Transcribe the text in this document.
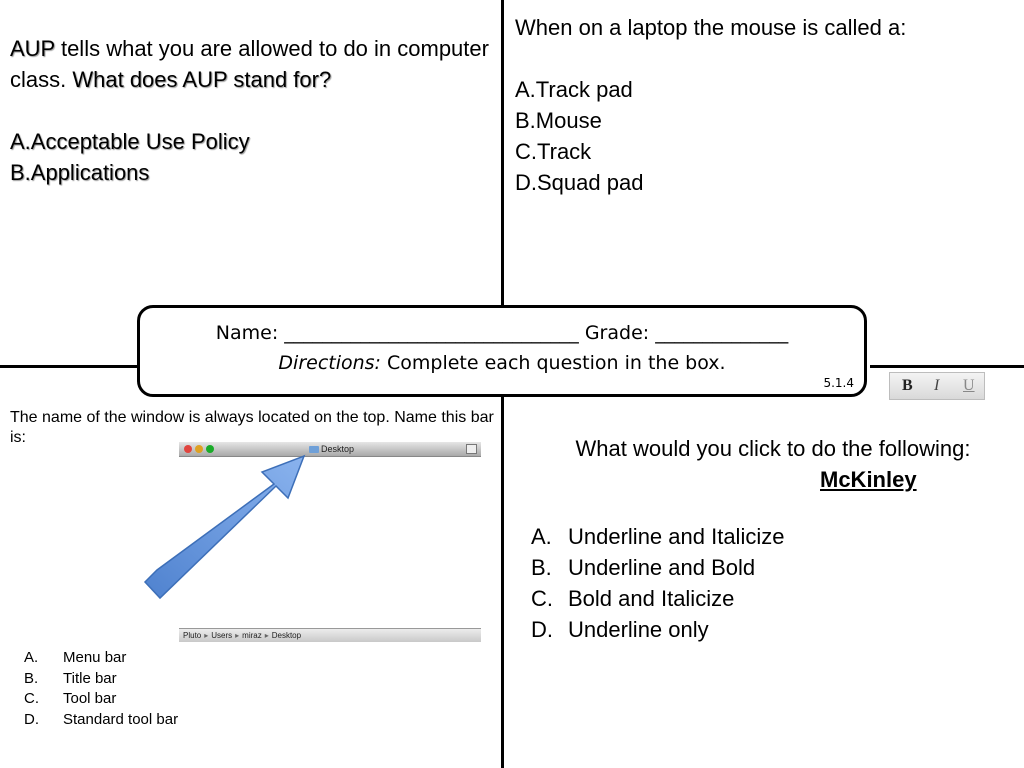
AUP tells what you are allowed to do in computer class. What does AUP stand for?

A.Acceptable Use Policy
B.Applications
When on a laptop the mouse is called a:

A.Track pad
B.Mouse
C.Track
D.Squad pad
Name: _______________________________ Grade: ______________ Directions: Complete each question in the box.
5.1.4	B I U
The name of the window is always located on the top. Name this bar is:
Desktop
Pluto ▸ Users ▸ miraz ▸ Desktop
A. Menu bar
B. Title bar
C. Tool bar
D. Standard tool bar
What would you click to do the following:
McKinley
A. Underline and Italicize
B. Underline and Bold
C. Bold and Italicize
D. Underline only
